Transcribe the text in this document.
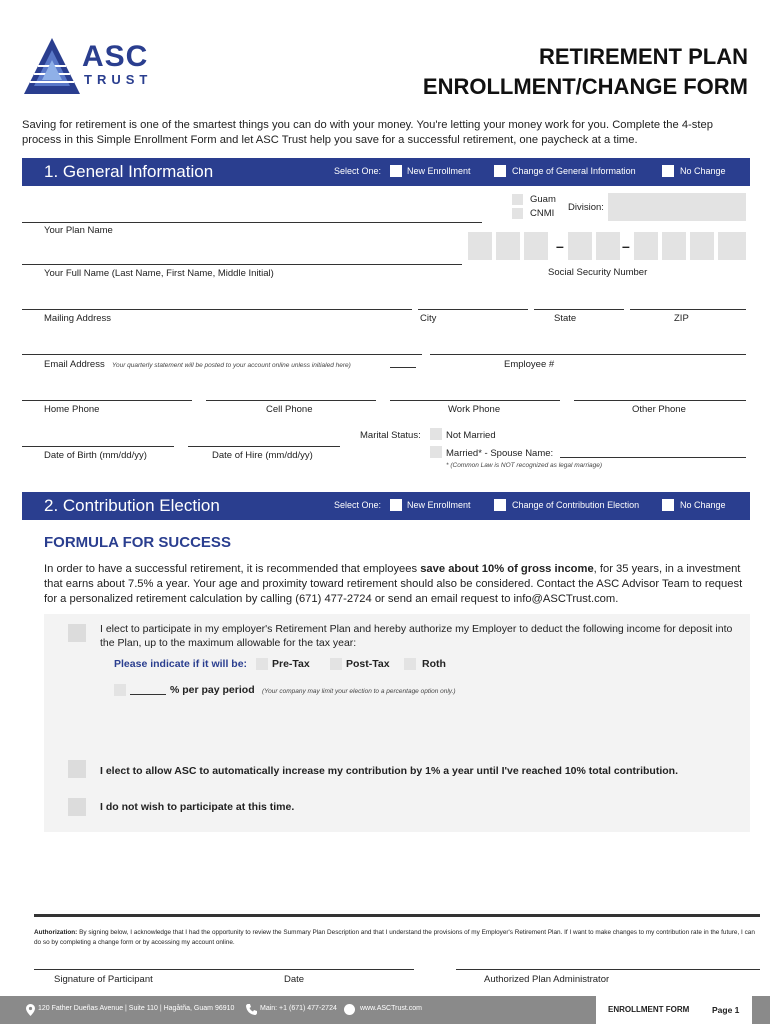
ASC
TRUST
RETIREMENT PLAN
ENROLLMENT/CHANGE FORM
Saving for retirement is one of the smartest things you can do with your money. You're letting your money work for you. Complete the 4-step process in this Simple Enrollment Form and let ASC Trust help you save for a successful retirement, one paycheck at a time.
1. General Information	Select One:	New Enrollment	Change of General Information	No Change
Guam
CNMI
Division:
Your Plan Name
Your Full Name (Last Name, First Name, Middle Initial)
–	–
Social Security Number
Mailing Address	City	State	ZIP
Email Address Your quarterly statement will be posted to your account online unless initialed here)	Employee #
Home Phone	Cell Phone	Work Phone	Other Phone
Marital Status:	Not Married
Married* - Spouse Name:
* (Common Law is NOT recognized as legal marriage)
Date of Birth (mm/dd/yy)	Date of Hire (mm/dd/yy)
2. Contribution Election	Select One:	New Enrollment	Change of Contribution Election	No Change
FORMULA FOR SUCCESS
In order to have a successful retirement, it is recommended that employees save about 10% of gross income, for 35 years, in a investment that earns about 7.5% a year. Your age and proximity toward retirement should also be considered. Contact the ASC Advisor Team to request for a personalized retirement calculation by calling (671) 477-2724 or send an email request to info@ASCTrust.com.
I elect to participate in my employer's Retirement Plan and hereby authorize my Employer to deduct the following income for deposit into the Plan, up to the maximum allowable for the tax year:
Please indicate if it will be: Pre-Tax	Post-Tax	Roth
% per pay period (Your company may limit your election to a percentage option only.)
I elect to allow ASC to automatically increase my contribution by 1% a year until I've reached 10% total contribution.
I do not wish to participate at this time.
Authorization: By signing below, I acknowledge that I had the opportunity to review the Summary Plan Description and that I understand the provisions of my Employer's Retirement Plan. If I want to make changes to my contribution rate in the future, I can do so by completing a change form or by accessing my account online.
Signature of Participant	Date	Authorized Plan Administrator
120 Father Dueñas Avenue | Suite 110 | Hagåtña, Guam 96910	Main: +1 (671) 477-2724	www.ASCTrust.com	ENROLLMENT FORM	Page 1
